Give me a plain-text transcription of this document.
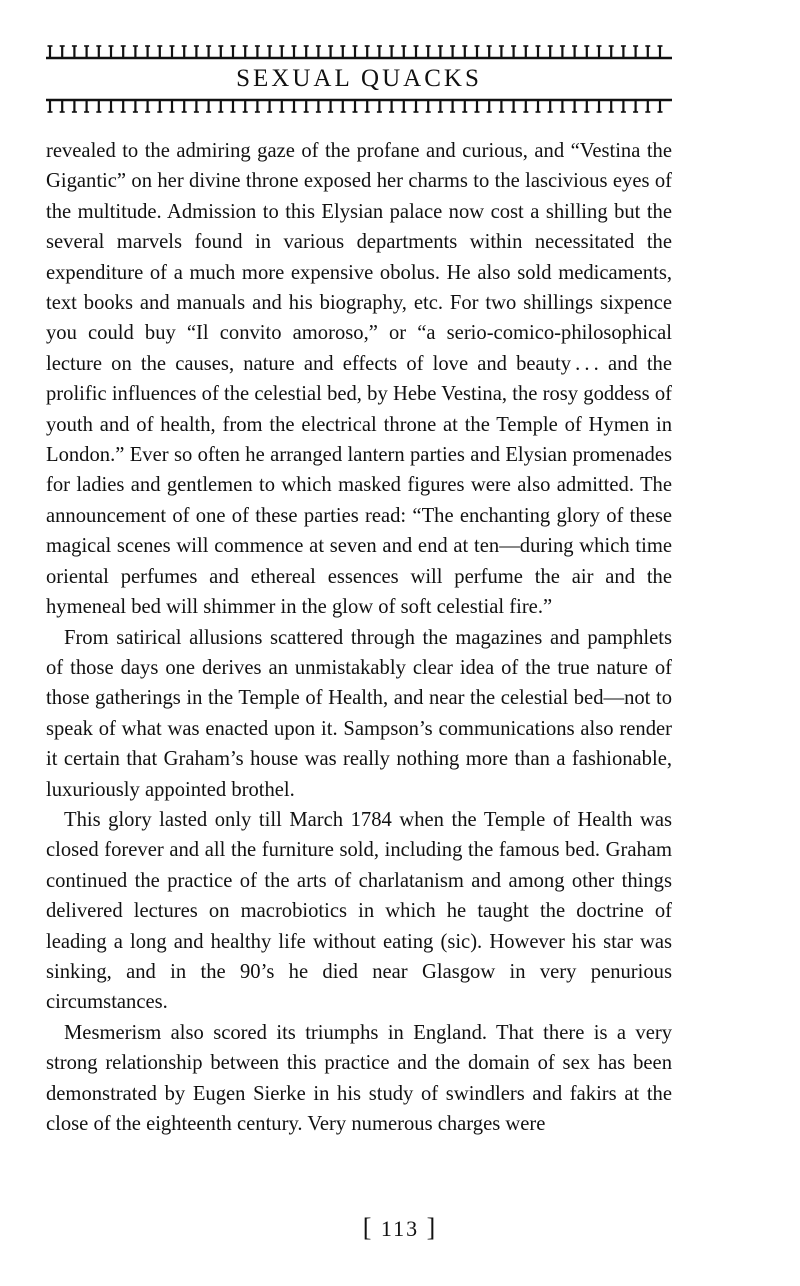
SEXUAL QUACKS

revealed to the admiring gaze of the profane and curious, and “Vestina the Gigantic” on her divine throne exposed her charms to the lascivious eyes of the multitude. Admission to this Elysian palace now cost a shilling but the several marvels found in various departments within necessitated the expenditure of a much more expensive obolus. He also sold medicaments, text books and manuals and his biography, etc. For two shillings sixpence you could buy “Il convito amoroso,” or “a serio-comico-philosophical lecture on the causes, nature and effects of love and beauty . . . and the prolific influences of the celestial bed, by Hebe Vestina, the rosy goddess of youth and of health, from the electrical throne at the Temple of Hymen in London.” Ever so often he arranged lantern parties and Elysian promenades for ladies and gentlemen to which masked figures were also admitted. The announcement of one of these parties read: “The enchanting glory of these magical scenes will commence at seven and end at ten—during which time oriental perfumes and ethereal essences will perfume the air and the hymeneal bed will shimmer in the glow of soft celestial fire.”

From satirical allusions scattered through the magazines and pamphlets of those days one derives an unmistakably clear idea of the true nature of those gatherings in the Temple of Health, and near the celestial bed—not to speak of what was enacted upon it. Sampson’s communications also render it certain that Graham’s house was really nothing more than a fashionable, luxuriously appointed brothel.

This glory lasted only till March 1784 when the Temple of Health was closed forever and all the furniture sold, including the famous bed. Graham continued the practice of the arts of charlatanism and among other things delivered lectures on macrobiotics in which he taught the doctrine of leading a long and healthy life without eating (sic). However his star was sinking, and in the 90’s he died near Glasgow in very penurious circumstances.

Mesmerism also scored its triumphs in England. That there is a very strong relationship between this practice and the domain of sex has been demonstrated by Eugen Sierke in his study of swindlers and fakirs at the close of the eighteenth century. Very numerous charges were

[ 113 ]
